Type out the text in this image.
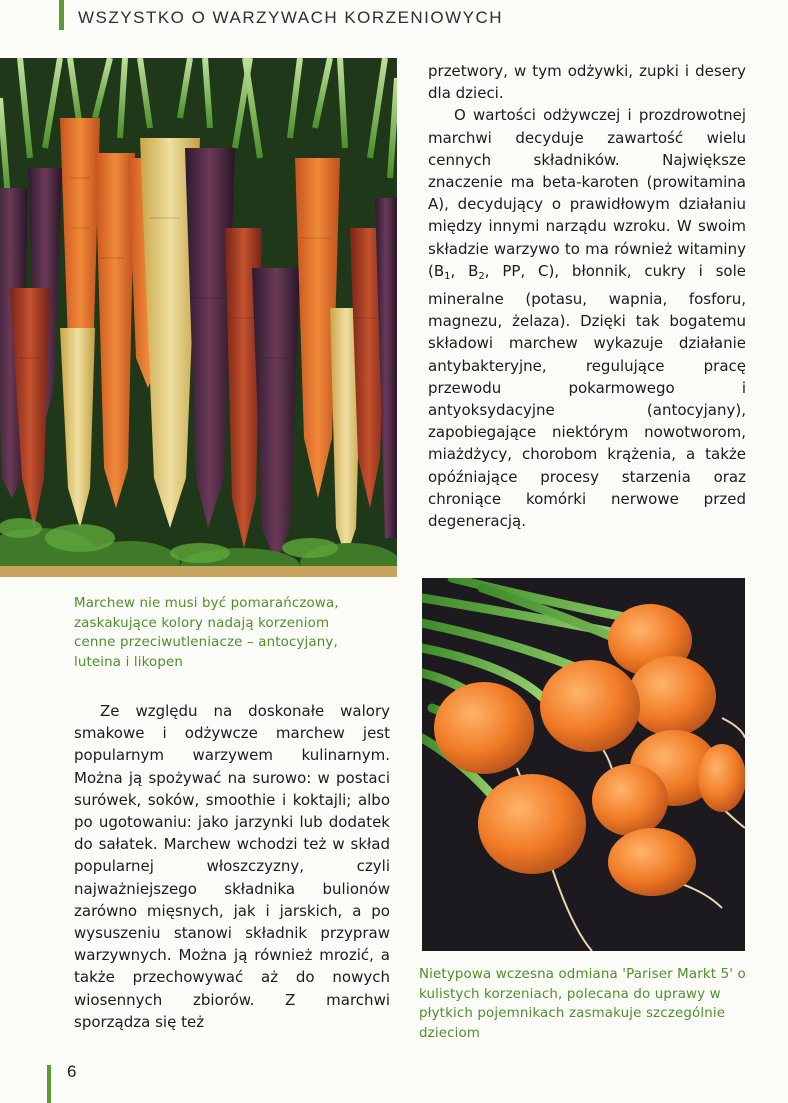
WSZYSTKO O WARZYWACH KORZENIOWYCH

przetwory, w tym odżywki, zupki i desery dla dzieci.

O wartości odżywczej i prozdrowotnej marchwi decyduje zawartość wielu cennych składników. Największe znaczenie ma beta-karoten (prowitamina A), decydujący o prawidłowym działaniu między innymi narządu wzroku. W swoim składzie warzywo to ma również witaminy ($B_1$, $B_2$, PP, C), błonnik, cukry i sole mineralne (potasu, wapnia, fosforu, magnezu, żelaza). Dzięki tak bogatemu składowi marchew wykazuje działanie antybakteryjne, regulujące pracę przewodu pokarmowego i antyoksydacyjne (antocyjany), zapobiegające niektórym nowotworom, miażdżycy, chorobom krążenia, a także opóźniające procesy starzenia oraz chroniące komórki nerwowe przed degeneracją.

Marchew nie musi być pomarańczowa, zaskakujące kolory nadają korzeniom cenne przeciwutleniacze – antocyjany, luteina i likopen

Ze względu na doskonałe walory smakowe i odżywcze marchew jest popularnym warzywem kulinarnym. Można ją spożywać na surowo: w postaci surówek, soków, smoothie i koktajli; albo po ugotowaniu: jako jarzynki lub dodatek do sałatek. Marchew wchodzi też w skład popularnej włoszczyzny, czyli najważniejszego składnika bulionów zarówno mięsnych, jak i jarskich, a po wysuszeniu stanowi składnik przypraw warzywnych. Można ją również mrozić, a także przechowywać aż do nowych wiosennych zbiorów. Z marchwi sporządza się też

Nietypowa wczesna odmiana 'Pariser Markt 5' o kulistych korzeniach, polecana do uprawy w płytkich pojemnikach zasmakuje szczególnie dzieciom
6
